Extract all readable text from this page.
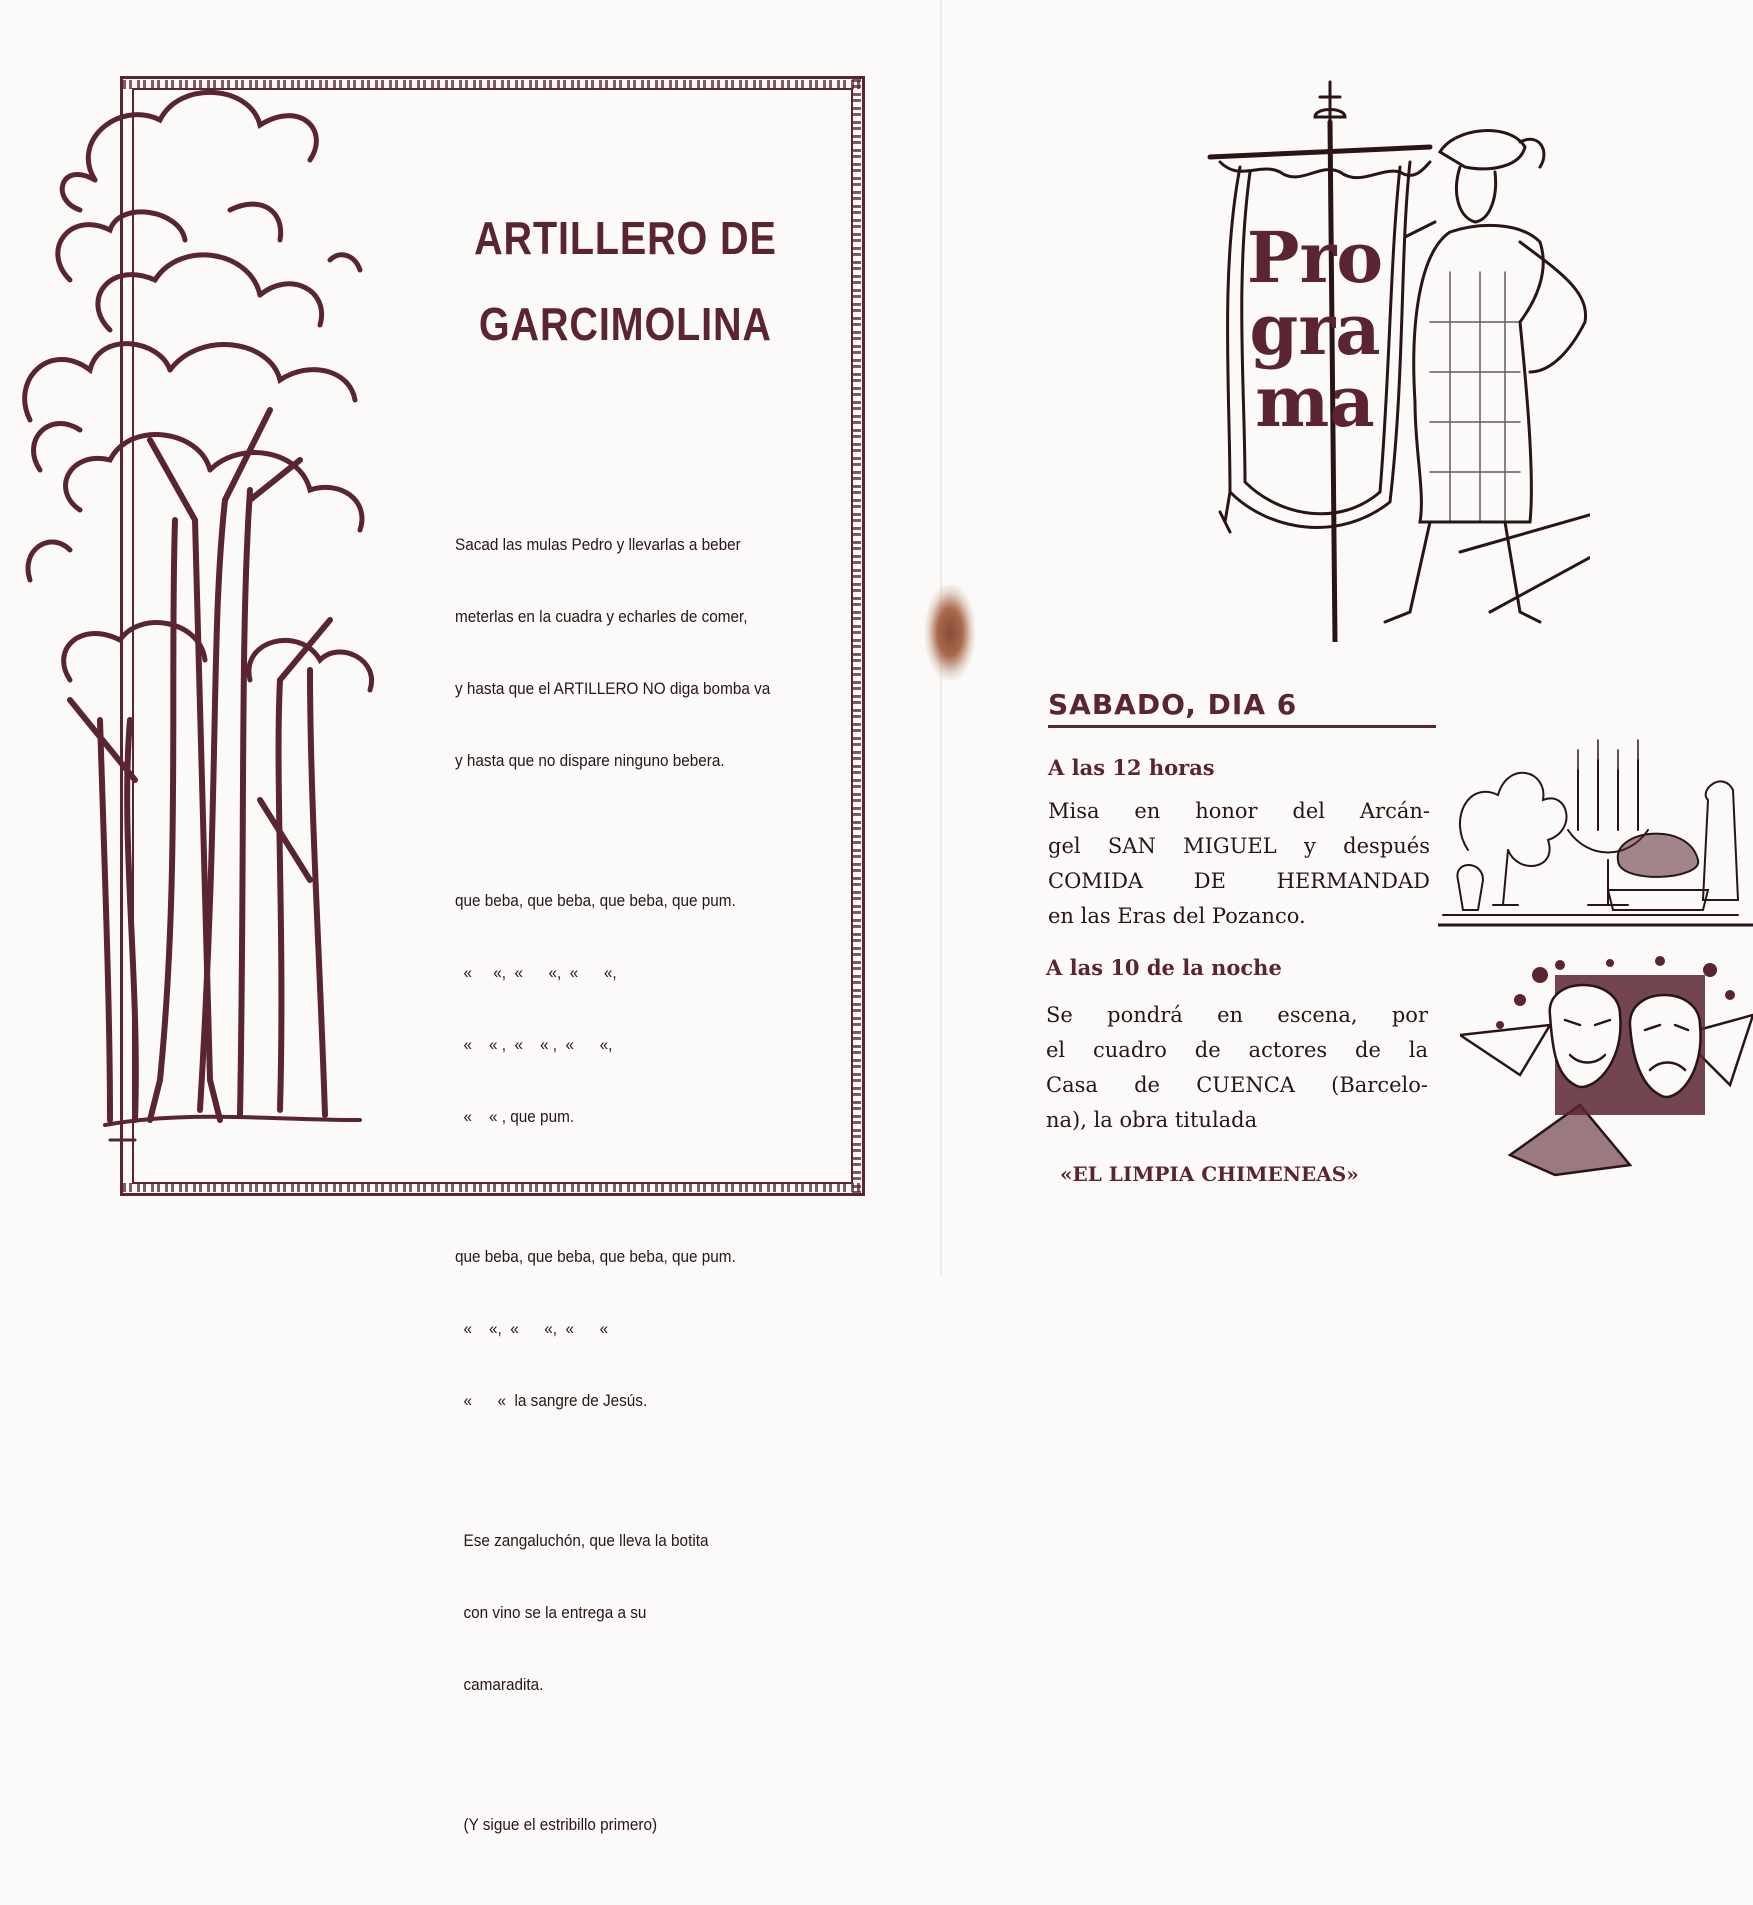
ARTILLERO DE
GARCIMOLINA

Sacad las mulas Pedro y llevarlas a beber

meterlas en la cuadra y echarles de comer,

y hasta que el ARTILLERO NO diga bomba va

y hasta que no dispare ninguno bebera.

que beba, que beba, que beba, que pum.

«     «,  «      «,  «      «,

«    « ,  «    « ,  «      «,

«    « , que pum.

que beba, que beba, que beba, que pum.

«    «,  «      «,  «      «

«      «  la sangre de Jesús.

Ese zangaluchón, que lleva la botita

con vino se la entrega a su

camaradita.

(Y sigue el estribillo primero)

Pro
gra
ma
SABADO, DIA 6
A las 12 horas
Misa en honor del Arcán-
gel SAN MIGUEL y después
COMIDA DE HERMANDAD
en las Eras del Pozanco.
A las 10 de la noche
Se pondrá en escena, por
el cuadro de actores de la
Casa de CUENCA (Barcelo-
na), la obra titulada
«EL LIMPIA CHIMENEAS»
